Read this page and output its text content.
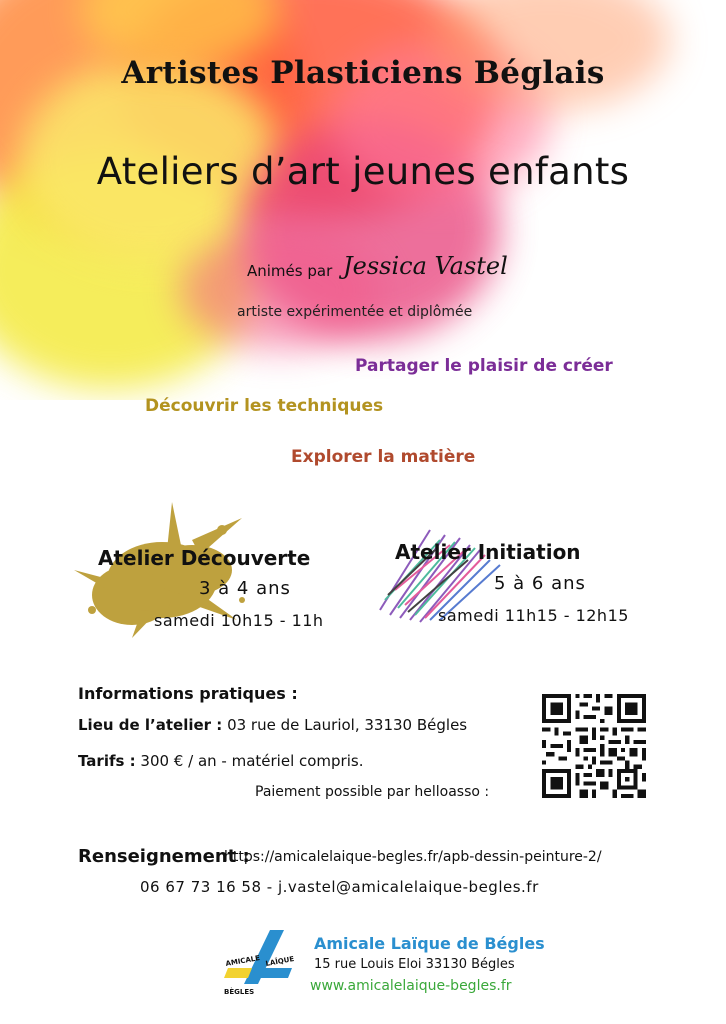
Artistes Plasticiens Béglais
Ateliers d’art jeunes enfants
Animés par Jessica Vastel
artiste expérimentée et diplômée
Partager le plaisir de créer
Découvrir les techniques
Explorer la matière
Atelier Découverte
3 à 4 ans
samedi 10h15 - 11h
Atelier Initiation
5 à 6 ans
samedi 11h15 - 12h15
Informations pratiques :
Lieu de l’atelier : 03 rue de Lauriol, 33130 Bégles
Tarifs : 300 € / an - matériel compris.
Paiement possible par helloasso :
Renseignement :
https://amicalelaique-begles.fr/apb-dessin-peinture-2/
06 67 73 16 58 - j.vastel@amicalelaique-begles.fr
AMICALE LAÏQUE
BÈGLES
Amicale Laïque de Bégles
15 rue Louis Eloi 33130 Bégles
www.amicalelaique-begles.fr
